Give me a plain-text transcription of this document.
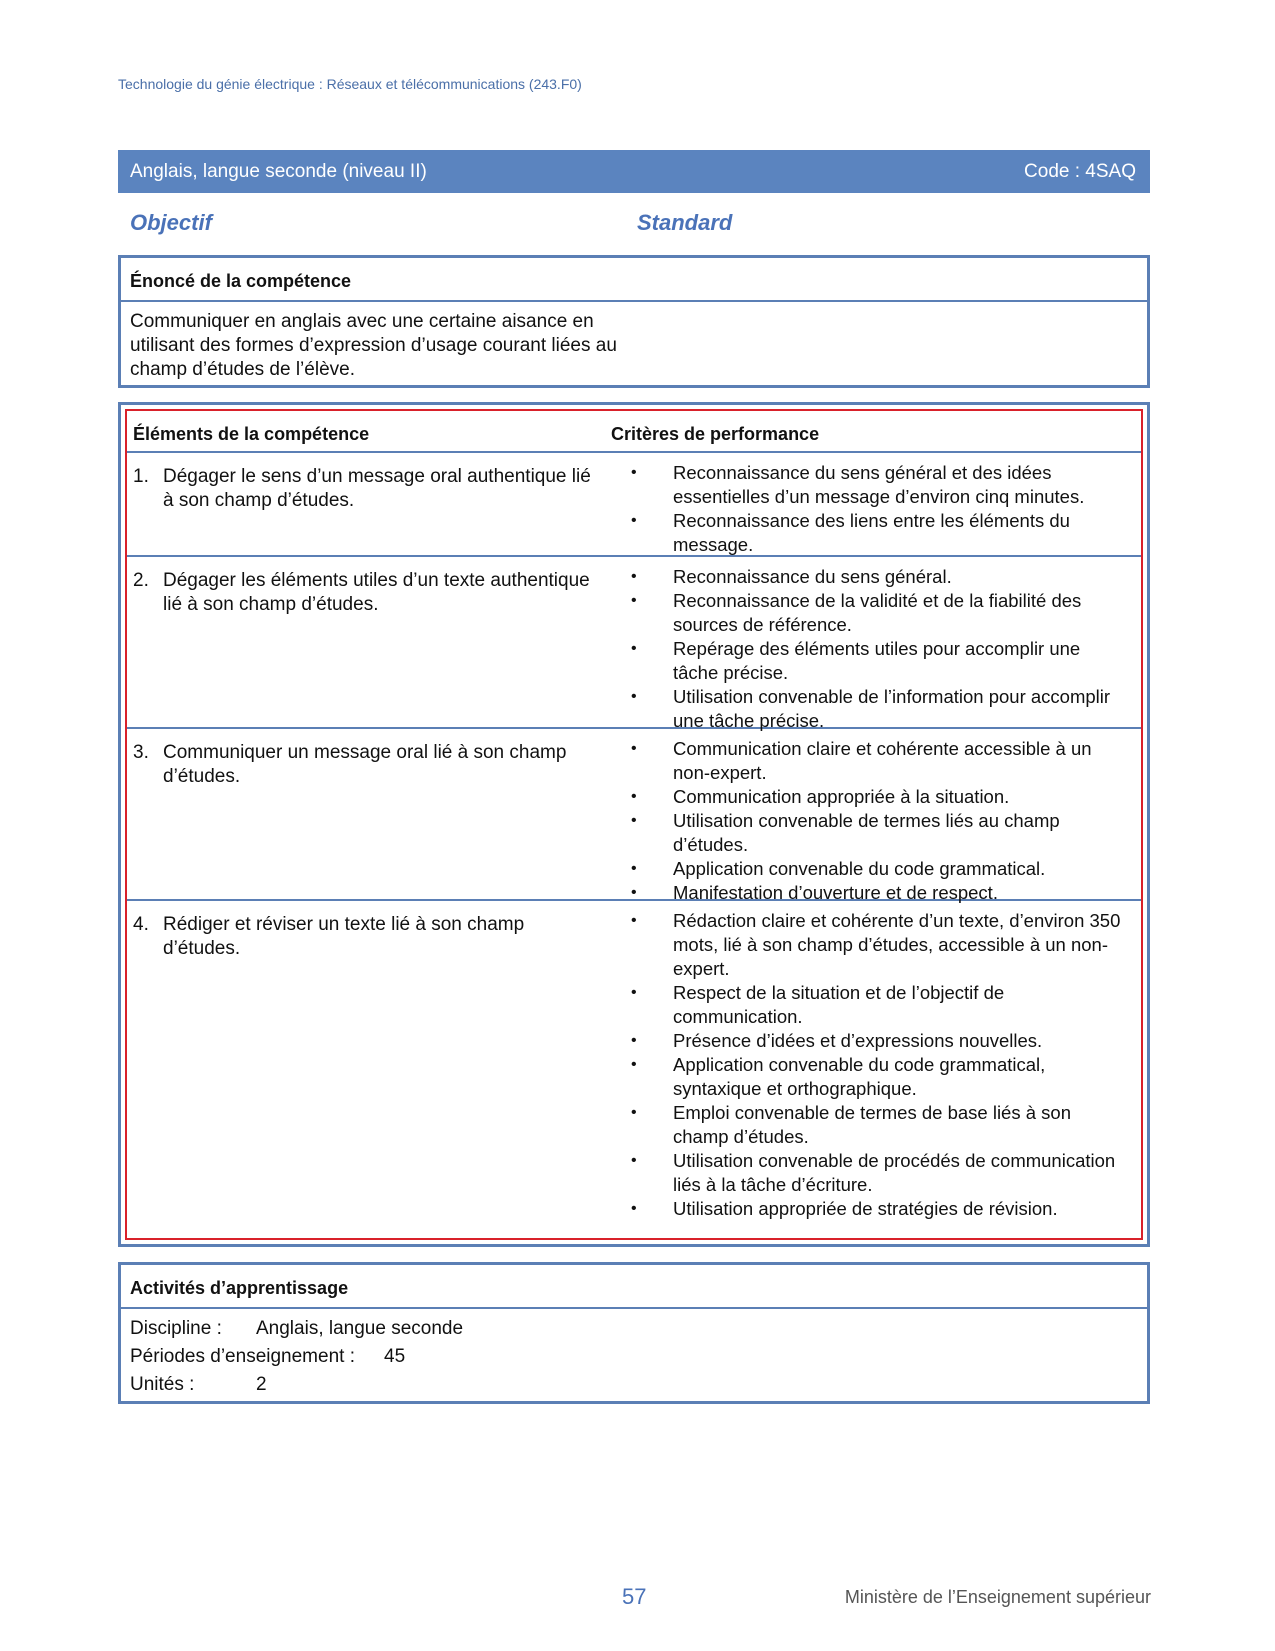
Technologie du génie électrique : Réseaux et télécommunications (243.F0)
Anglais, langue seconde (niveau II)	Code : 4SAQ
Objectif	Standard
Énoncé de la compétence
Communiquer en anglais avec une certaine aisance en utilisant des formes d’expression d’usage courant liées au champ d’études de l’élève.
Éléments de la compétence	Critères de performance
1. Dégager le sens d’un message oral authentique lié à son champ d’études.
• Reconnaissance du sens général et des idées essentielles d’un message d’environ cinq minutes.
• Reconnaissance des liens entre les éléments du message.
2. Dégager les éléments utiles d’un texte authentique lié à son champ d’études.
• Reconnaissance du sens général.
• Reconnaissance de la validité et de la fiabilité des sources de référence.
• Repérage des éléments utiles pour accomplir une tâche précise.
• Utilisation convenable de l’information pour accomplir une tâche précise.
3. Communiquer un message oral lié à son champ d’études.
• Communication claire et cohérente accessible à un non-expert.
• Communication appropriée à la situation.
• Utilisation convenable de termes liés au champ d’études.
• Application convenable du code grammatical.
• Manifestation d’ouverture et de respect.
4. Rédiger et réviser un texte lié à son champ d’études.
• Rédaction claire et cohérente d’un texte, d’environ 350 mots, lié à son champ d’études, accessible à un non-expert.
• Respect de la situation et de l’objectif de communication.
• Présence d’idées et d’expressions nouvelles.
• Application convenable du code grammatical, syntaxique et orthographique.
• Emploi convenable de termes de base liés à son champ d’études.
• Utilisation convenable de procédés de communication liés à la tâche d’écriture.
• Utilisation appropriée de stratégies de révision.
Activités d’apprentissage
Discipline : Anglais, langue seconde
Périodes d’enseignement : 45
Unités :	2
57	Ministère de l’Enseignement supérieur
